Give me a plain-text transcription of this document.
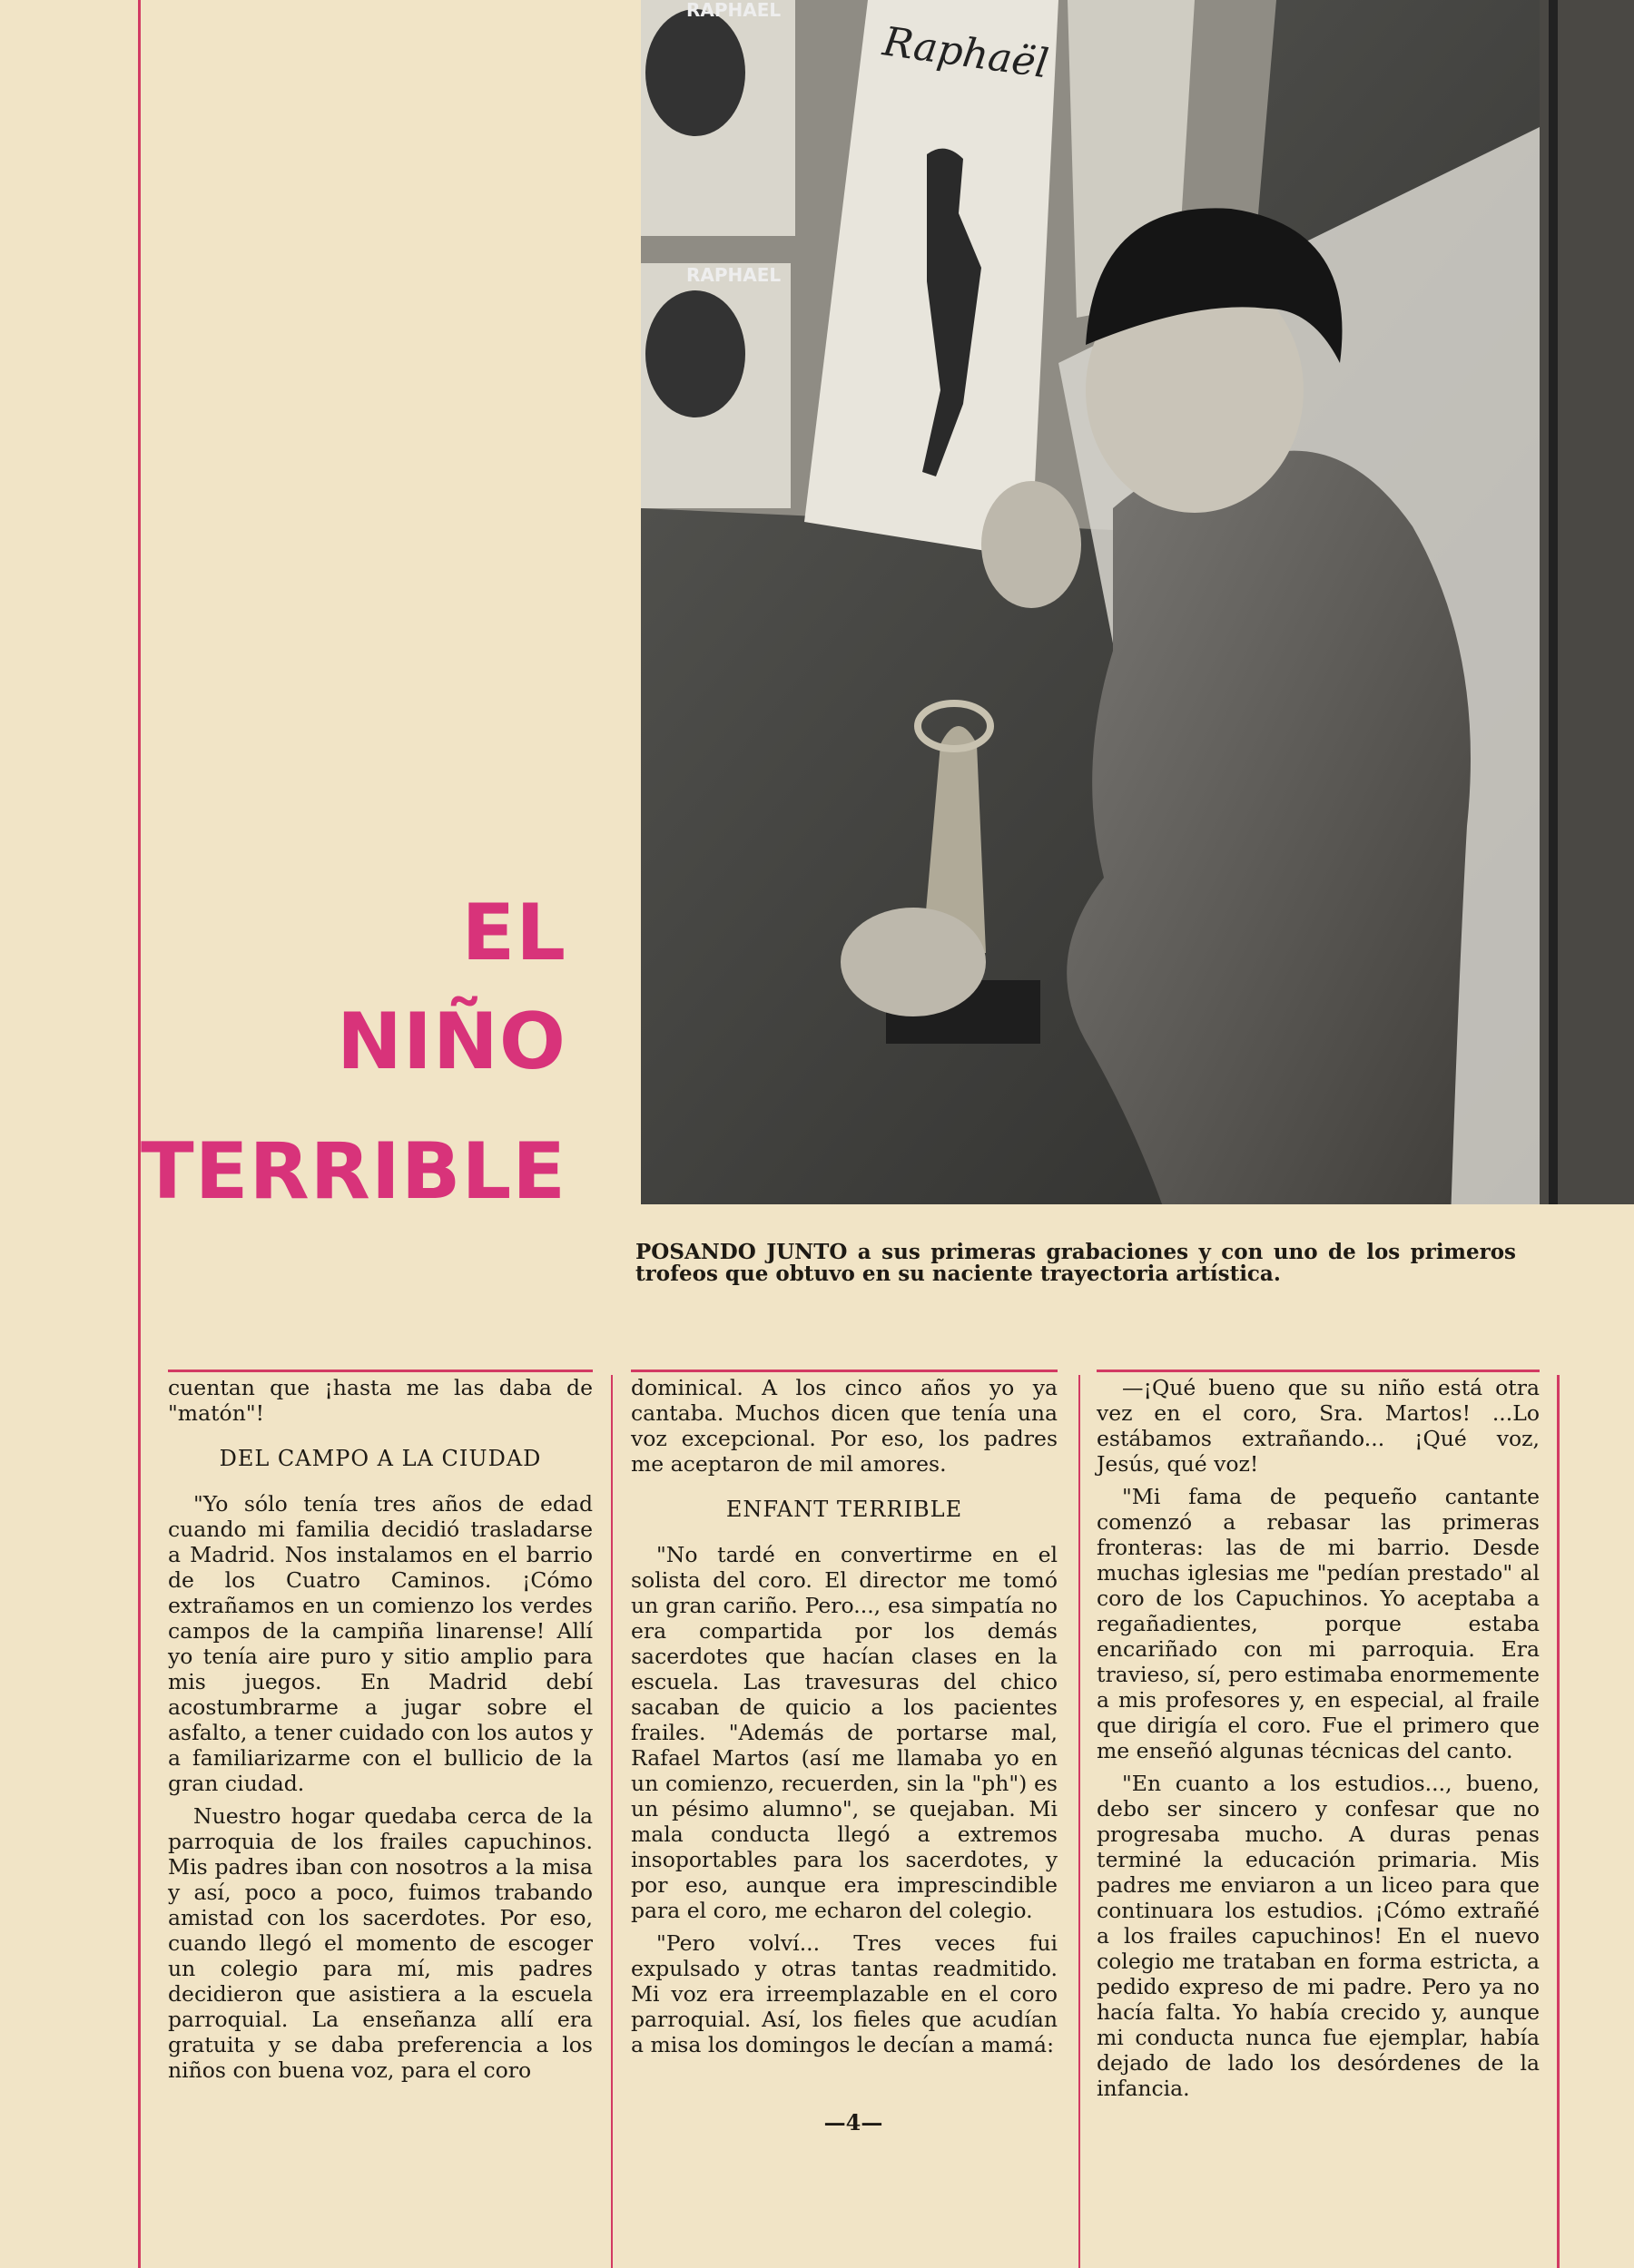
EL
NIÑO
TERRIBLE
Raphaël
RAPHAEL
RAPHAEL
POSANDO JUNTO a sus primeras grabaciones y con uno de los primeros trofeos que obtuvo en su naciente trayectoria artística.

cuentan que ¡hasta me las daba de "matón"!

DEL CAMPO A LA CIUDAD

"Yo sólo tenía tres años de edad cuando mi familia decidió trasladarse a Madrid. Nos instalamos en el barrio de los Cuatro Caminos. ¡Cómo extrañamos en un comienzo los verdes campos de la campiña linarense! Allí yo tenía aire puro y sitio amplio para mis juegos. En Madrid debí acostumbrarme a jugar sobre el asfalto, a tener cuidado con los autos y a familiarizarme con el bullicio de la gran ciudad.

Nuestro hogar quedaba cerca de la parroquia de los frailes capuchinos. Mis padres iban con nosotros a la misa y así, poco a poco, fuimos trabando amistad con los sacerdotes. Por eso, cuando llegó el momento de escoger un colegio para mí, mis padres decidieron que asistiera a la escuela parroquial. La enseñanza allí era gratuita y se daba preferencia a los niños con buena voz, para el coro

dominical. A los cinco años yo ya cantaba. Muchos dicen que tenía una voz excepcional. Por eso, los padres me aceptaron de mil amores.

ENFANT TERRIBLE

"No tardé en convertirme en el solista del coro. El director me tomó un gran cariño. Pero..., esa simpatía no era compartida por los demás sacerdotes que hacían clases en la escuela. Las travesuras del chico sacaban de quicio a los pacientes frailes. "Además de portarse mal, Rafael Martos (así me llamaba yo en un comienzo, recuerden, sin la "ph") es un pésimo alumno", se quejaban. Mi mala conducta llegó a extremos insoportables para los sacerdotes, y por eso, aunque era imprescindible para el coro, me echaron del colegio.

"Pero volví... Tres veces fui expulsado y otras tantas readmitido. Mi voz era irreemplazable en el coro parroquial. Así, los fieles que acudían a misa los domingos le decían a mamá:

—¡Qué bueno que su niño está otra vez en el coro, Sra. Martos! ...Lo estábamos extrañando... ¡Qué voz, Jesús, qué voz!

"Mi fama de pequeño cantante comenzó a rebasar las primeras fronteras: las de mi barrio. Desde muchas iglesias me "pedían prestado" al coro de los Capuchinos. Yo aceptaba a regañadientes, porque estaba encariñado con mi parroquia. Era travieso, sí, pero estimaba enormemente a mis profesores y, en especial, al fraile que dirigía el coro. Fue el primero que me enseñó algunas técnicas del canto.

"En cuanto a los estudios..., bueno, debo ser sincero y confesar que no progresaba mucho. A duras penas terminé la educación primaria. Mis padres me enviaron a un liceo para que continuara los estudios. ¡Cómo extrañé a los frailes capuchinos! En el nuevo colegio me trataban en forma estricta, a pedido expreso de mi padre. Pero ya no hacía falta. Yo había crecido y, aunque mi conducta nunca fue ejemplar, había dejado de lado los desórdenes de la infancia.

—4—
